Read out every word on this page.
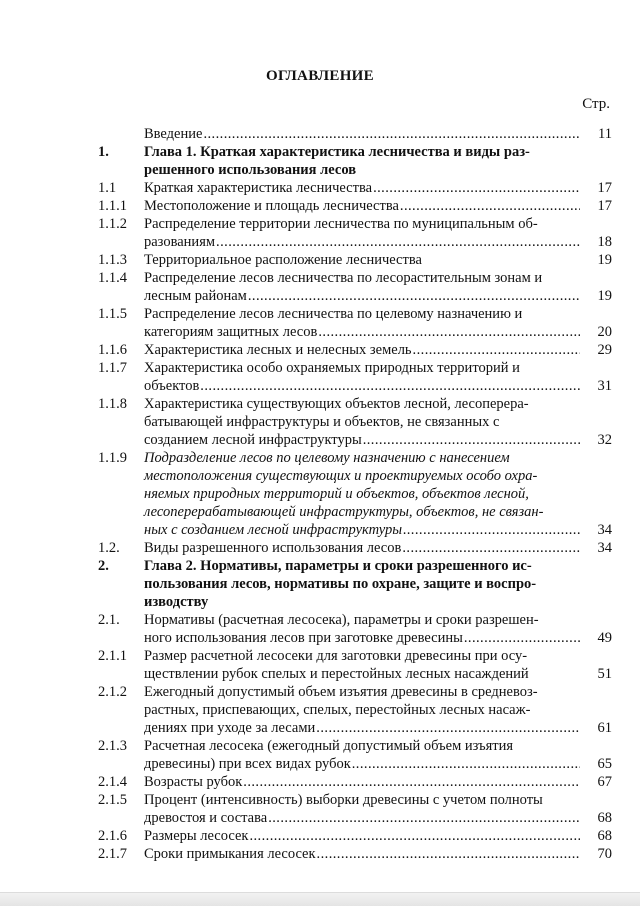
ОГЛАВЛЕНИЕ
Стр.
Введение . . .	11
1.	Глава 1. Краткая характеристика лесничества и виды раз-
решенного использования лесов
1.1	Краткая характеристика лесничества . . .	17
1.1.1	Местоположение и площадь лесничества . . .	17
1.1.2	Распределение территории лесничества по муниципальным об-
разованиям . . .	18
1.1.3	Территориальное расположение лесничества	19
1.1.4	Распределение лесов лесничества по лесорастительным зонам и
лесным районам . . .	19
1.1.5	Распределение лесов лесничества по целевому назначению и
категориям защитных лесов . . .	20
1.1.6	Характеристика лесных и нелесных земель . . .	29
1.1.7	Характеристика особо охраняемых природных территорий и
объектов . . .	31
1.1.8	Характеристика существующих объектов лесной, лесоперера-
батывающей инфраструктуры и объектов, не связанных с
созданием лесной инфраструктуры . . .	32
1.1.9	Подразделение лесов по целевому назначению с нанесением
местоположения существующих и проектируемых особо охра-
няемых природных территорий и объектов, объектов лесной,
лесоперерабатывающей инфраструктуры, объектов, не связан-
ных с созданием лесной инфраструктуры . . .	34
1.2.	Виды разрешенного использования лесов . . .	34
2.	Глава 2. Нормативы, параметры и сроки разрешенного ис-
пользования лесов, нормативы по охране, защите и воспро-
изводству
2.1.	Нормативы (расчетная лесосека), параметры и сроки разрешен-
ного использования лесов при заготовке древесины . . .	49
2.1.1	Размер расчетной лесосеки для заготовки древесины при осу-
ществлении рубок спелых и перестойных лесных насаждений	51
2.1.2	Ежегодный допустимый объем изъятия древесины в средневоз-
растных, приспевающих, спелых, перестойных лесных насаж-
дениях при уходе за лесами . . .	61
2.1.3	Расчетная лесосека (ежегодный допустимый объем изъятия
древесины) при всех видах рубок . . .	65
2.1.4	Возрасты рубок . . .	67
2.1.5	Процент (интенсивность) выборки древесины с учетом полноты
древостоя и состава . . .	68
2.1.6	Размеры лесосек . . .	68
2.1.7	Сроки примыкания лесосек . . .	70
